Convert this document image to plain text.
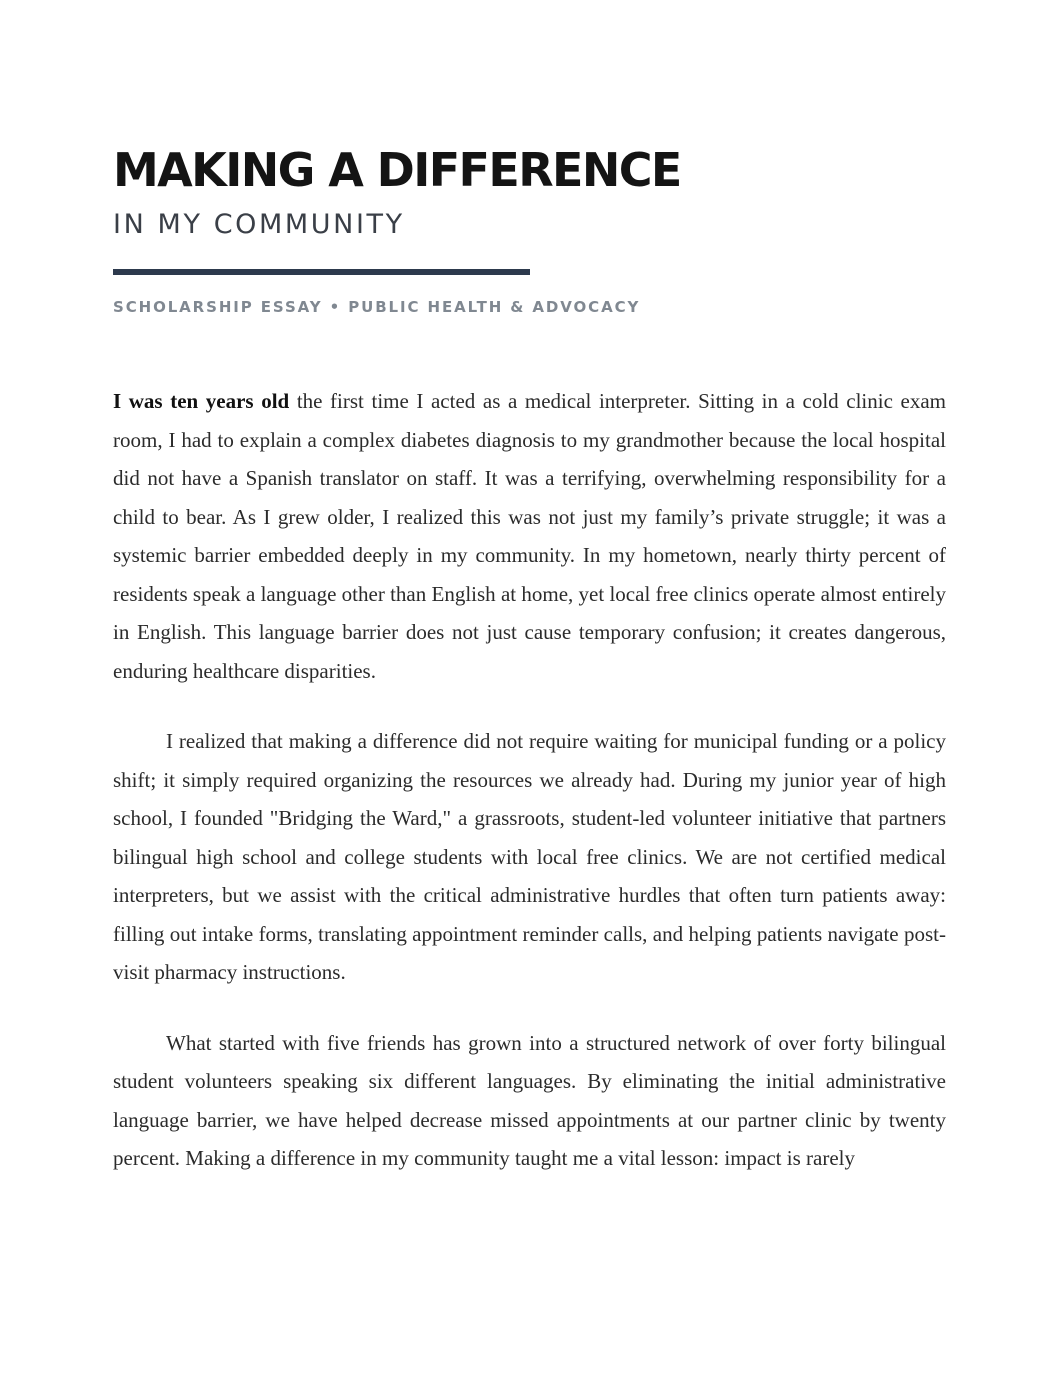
MAKING A DIFFERENCE
IN MY COMMUNITY
SCHOLARSHIP ESSAY • PUBLIC HEALTH & ADVOCACY

I was ten years old the first time I acted as a medical interpreter. Sitting in a cold clinic exam room, I had to explain a complex diabetes diagnosis to my grandmother because the local hospital did not have a Spanish translator on staff. It was a terrifying, overwhelming responsibility for a child to bear. As I grew older, I realized this was not just my family’s private struggle; it was a systemic barrier embedded deeply in my community. In my hometown, nearly thirty percent of residents speak a language other than English at home, yet local free clinics operate almost entirely in English. This language barrier does not just cause temporary confusion; it creates dangerous, enduring healthcare disparities.

I realized that making a difference did not require waiting for municipal funding or a policy shift; it simply required organizing the resources we already had. During my junior year of high school, I founded "Bridging the Ward," a grassroots, student-led volunteer initiative that partners bilingual high school and college students with local free clinics. We are not certified medical interpreters, but we assist with the critical administrative hurdles that often turn patients away: filling out intake forms, translating appointment reminder calls, and helping patients navigate post-visit pharmacy instructions.

What started with five friends has grown into a structured network of over forty bilingual student volunteers speaking six different languages. By eliminating the initial administrative language barrier, we have helped decrease missed appointments at our partner clinic by twenty percent. Making a difference in my community taught me a vital lesson: impact is rarely
